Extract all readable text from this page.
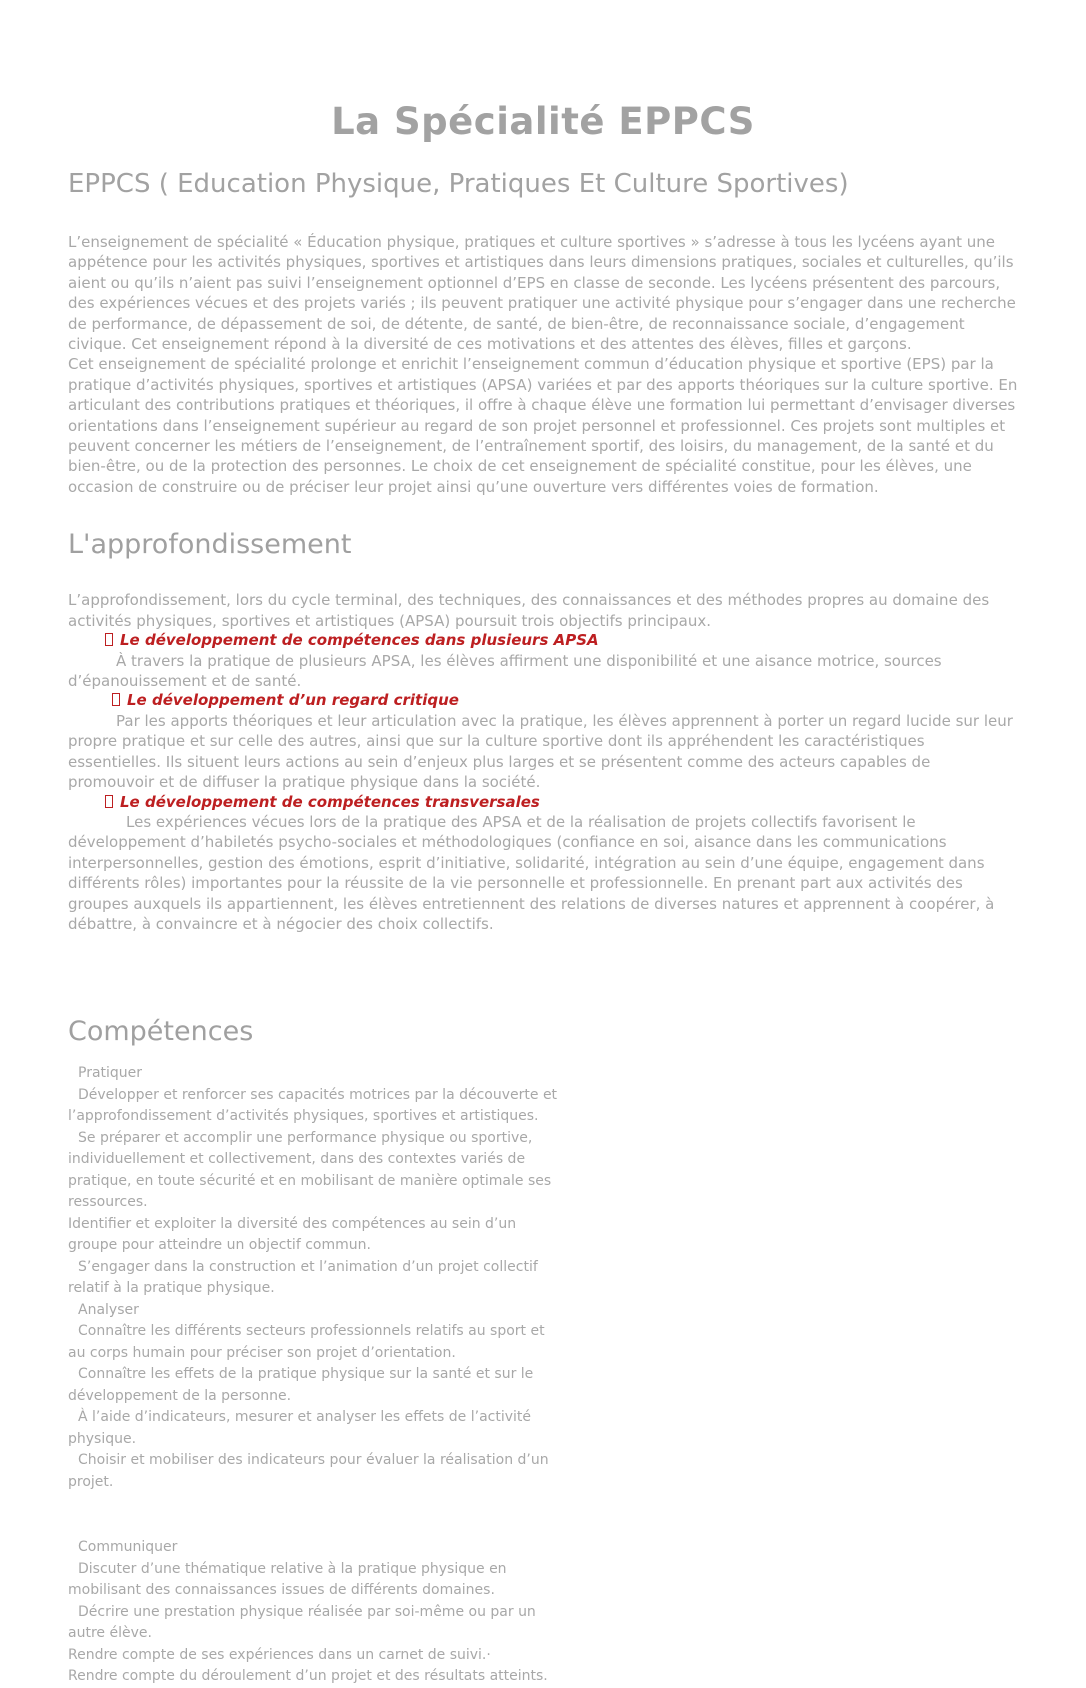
La Spécialité EPPCS
EPPCS ( Education Physique, Pratiques Et Culture Sportives)

L’enseignement de spécialité « Éducation physique, pratiques et culture sportives » s’adresse à tous les lycéens ayant une appétence pour les activités physiques, sportives et artistiques dans leurs dimensions pratiques, sociales et culturelles, qu’ils aient ou qu’ils n’aient pas suivi l’enseignement optionnel d’EPS en classe de seconde. Les lycéens présentent des parcours, des expériences vécues et des projets variés ; ils peuvent pratiquer une activité physique pour s’engager dans une recherche de performance, de dépassement de soi, de détente, de santé, de bien-être, de reconnaissance sociale, d’engagement civique. Cet enseignement répond à la diversité de ces motivations et des attentes des élèves, filles et garçons.

Cet enseignement de spécialité prolonge et enrichit l’enseignement commun d’éducation physique et sportive (EPS) par la pratique d’activités physiques, sportives et artistiques (APSA) variées et par des apports théoriques sur la culture sportive. En articulant des contributions pratiques et théoriques, il offre à chaque élève une formation lui permettant d’envisager diverses orientations dans l’enseignement supérieur au regard de son projet personnel et professionnel. Ces projets sont multiples et peuvent concerner les métiers de l’enseignement, de l’entraînement sportif, des loisirs, du management, de la santé et du bien-être, ou de la protection des personnes. Le choix de cet enseignement de spécialité constitue, pour les élèves, une occasion de construire ou de préciser leur projet ainsi qu’une ouverture vers différentes voies de formation.

L'approfondissement

L’approfondissement, lors du cycle terminal, des techniques, des connaissances et des méthodes propres au domaine des activités physiques, sportives et artistiques (APSA) poursuit trois objectifs principaux.

Le développement de compétences dans plusieurs APSA

À travers la pratique de plusieurs APSA, les élèves affirment une disponibilité et une aisance motrice, sources d’épanouissement et de santé.

Le développement d’un regard critique

Par les apports théoriques et leur articulation avec la pratique, les élèves apprennent à porter un regard lucide sur leur propre pratique et sur celle des autres, ainsi que sur la culture sportive dont ils appréhendent les caractéristiques essentielles. Ils situent leurs actions au sein d’enjeux plus larges et se présentent comme des acteurs capables de promouvoir et de diffuser la pratique physique dans la société.

Le développement de compétences transversales

Les expériences vécues lors de la pratique des APSA et de la réalisation de projets collectifs favorisent le développement d’habiletés psycho-sociales et méthodologiques (confiance en soi, aisance dans les communications interpersonnelles, gestion des émotions, esprit d’initiative, solidarité, intégration au sein d’une équipe, engagement dans différents rôles) importantes pour la réussite de la vie personnelle et professionnelle. En prenant part aux activités des groupes auxquels ils appartiennent, les élèves entretiennent des relations de diverses natures et apprennent à coopérer, à débattre, à convaincre et à négocier des choix collectifs.

Compétences

Pratiquer

Développer et renforcer ses capacités motrices par la découverte et l’approfondissement d’activités physiques, sportives et artistiques.

Se préparer et accomplir une performance physique ou sportive, individuellement et collectivement, dans des contextes variés de pratique, en toute sécurité et en mobilisant de manière optimale ses ressources.

Identifier et exploiter la diversité des compétences au sein d’un groupe pour atteindre un objectif commun.

S’engager dans la construction et l’animation d’un projet collectif relatif à la pratique physique.

Analyser

Connaître les différents secteurs professionnels relatifs au sport et au corps humain pour préciser son projet d’orientation.

Connaître les effets de la pratique physique sur la santé et sur le développement de la personne.

À l’aide d’indicateurs, mesurer et analyser les effets de l’activité physique.

Choisir et mobiliser des indicateurs pour évaluer la réalisation d’un projet.

Communiquer

Discuter d’une thématique relative à la pratique physique en mobilisant des connaissances issues de différents domaines.

Décrire une prestation physique réalisée par soi-même ou par un autre élève.

Rendre compte de ses expériences dans un carnet de suivi.·

Rendre compte du déroulement d’un projet et des résultats atteints.
